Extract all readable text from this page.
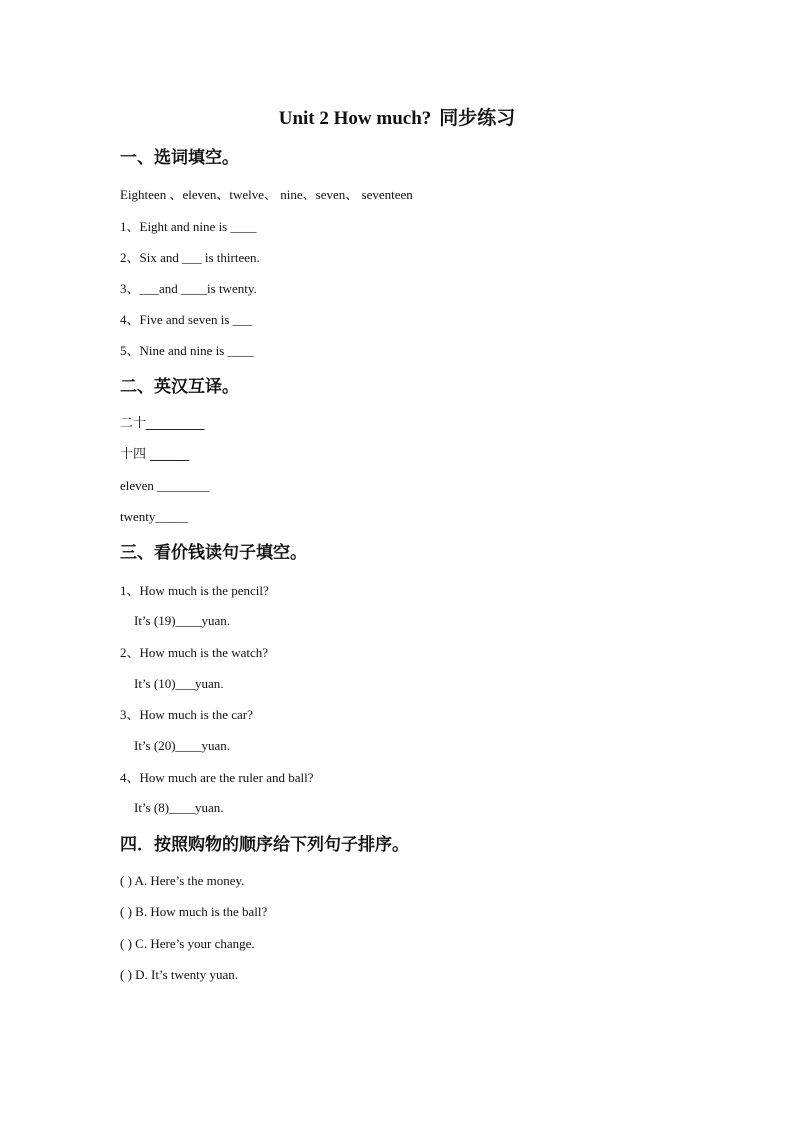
Unit 2 How much? 同步练习
一、选词填空。
Eighteen 、eleven、twelve、 nine、seven、 seventeen
1、Eight and nine is ____
2、Six and ___ is thirteen.
3、___and ____is twenty.
4、Five and seven is ___
5、Nine and nine is ____
二、英汉互译。
二十_________
十四 ______
eleven ________
twenty_____
三、看价钱读句子填空。
1、How much is the pencil?
It’s (19)____yuan.
2、How much is the watch?
It’s (10)___yuan.
3、How much is the car?
It’s (20)____yuan.
4、How much are the ruler and ball?
It’s (8)____yuan.
四．按照购物的顺序给下列句子排序。
( ) A. Here’s the money.
( ) B. How much is the ball?
( ) C. Here’s your change.
( ) D. It’s twenty yuan.
